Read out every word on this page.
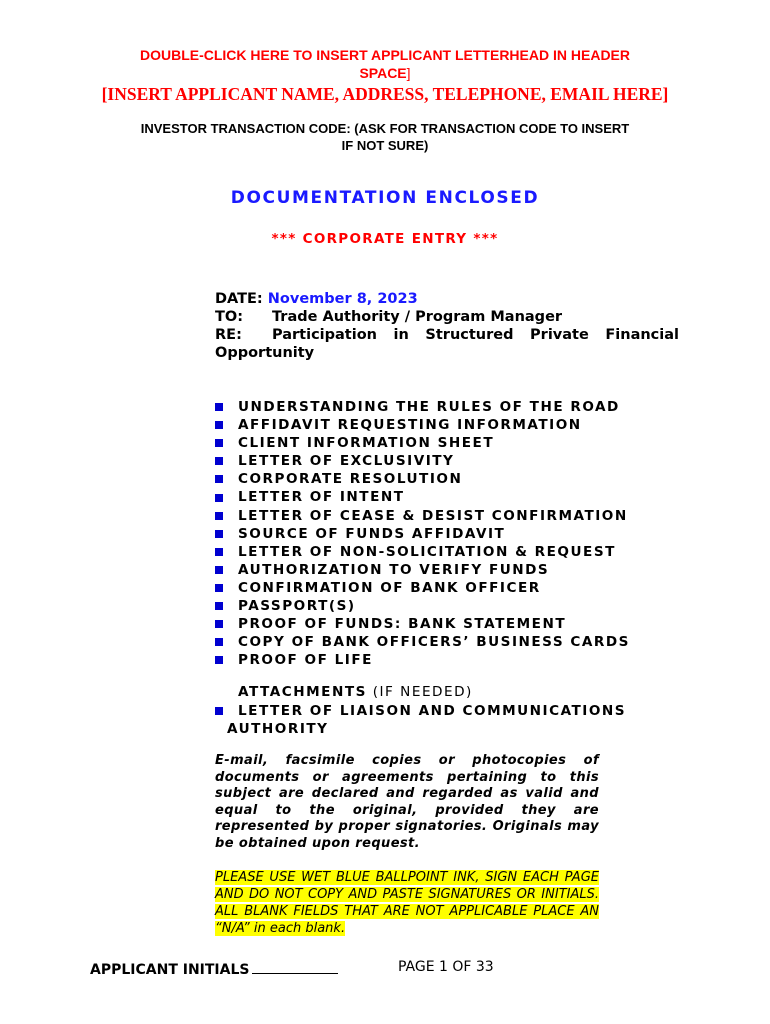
DOUBLE-CLICK HERE TO INSERT APPLICANT LETTERHEAD IN HEADER
SPACE]
[INSERT APPLICANT NAME, ADDRESS, TELEPHONE, EMAIL HERE]
INVESTOR TRANSACTION CODE: (ASK FOR TRANSACTION CODE TO INSERT
IF NOT SURE)
DOCUMENTATION ENCLOSED
*** CORPORATE ENTRY ***
DATE: November 8, 2023
TO: Trade Authority / Program Manager
RE: Participation in Structured Private Financial Opportunity
UNDERSTANDING THE RULES OF THE ROAD
AFFIDAVIT REQUESTING INFORMATION
CLIENT INFORMATION SHEET
LETTER OF EXCLUSIVITY
CORPORATE RESOLUTION
LETTER OF INTENT
LETTER OF CEASE & DESIST CONFIRMATION
SOURCE OF FUNDS AFFIDAVIT
LETTER OF NON-SOLICITATION & REQUEST
AUTHORIZATION TO VERIFY FUNDS
CONFIRMATION OF BANK OFFICER
PASSPORT(S)
PROOF OF FUNDS: BANK STATEMENT
COPY OF BANK OFFICERS’ BUSINESS CARDS
PROOF OF LIFE
ATTACHMENTS (IF NEEDED)
LETTER OF LIAISON AND COMMUNICATIONS
AUTHORITY
E-mail, facsimile copies or photocopies of documents or agreements pertaining to this subject are declared and regarded as valid and equal to the original, provided they are represented by proper signatories. Originals may be obtained upon request.
PLEASE USE WET BLUE BALLPOINT INK, SIGN EACH PAGE AND DO NOT COPY AND PASTE SIGNATURES OR INITIALS. ALL BLANK FIELDS THAT ARE NOT APPLICABLE PLACE AN “N/A” in each blank.
APPLICANT INITIALS	PAGE 1 OF 33
